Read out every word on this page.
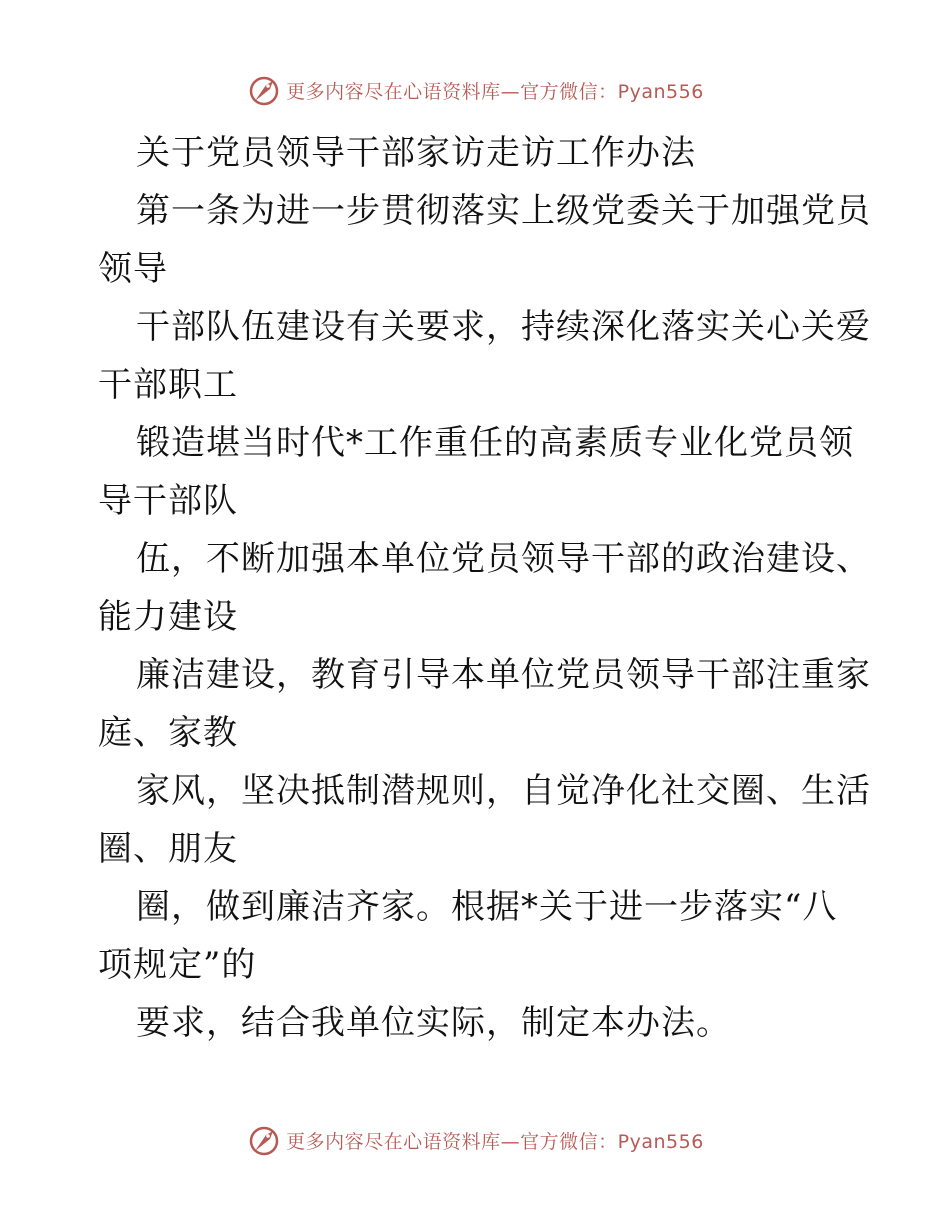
更多内容尽在心语资料库—官方微信：Pyan556
关于党员领导干部家访走访工作办法
第一条为进一步贯彻落实上级党委关于加强党员
领导
干部队伍建设有关要求，持续深化落实关心关爱
干部职工
锻造堪当时代*工作重任的高素质专业化党员领
导干部队
伍，不断加强本单位党员领导干部的政治建设、
能力建设
廉洁建设，教育引导本单位党员领导干部注重家
庭、家教
家风，坚决抵制潜规则，自觉净化社交圈、生活
圈、朋友
圈，做到廉洁齐家。根据*关于进一步落实“八
项规定”的
要求，结合我单位实际，制定本办法。
更多内容尽在心语资料库—官方微信：Pyan556
